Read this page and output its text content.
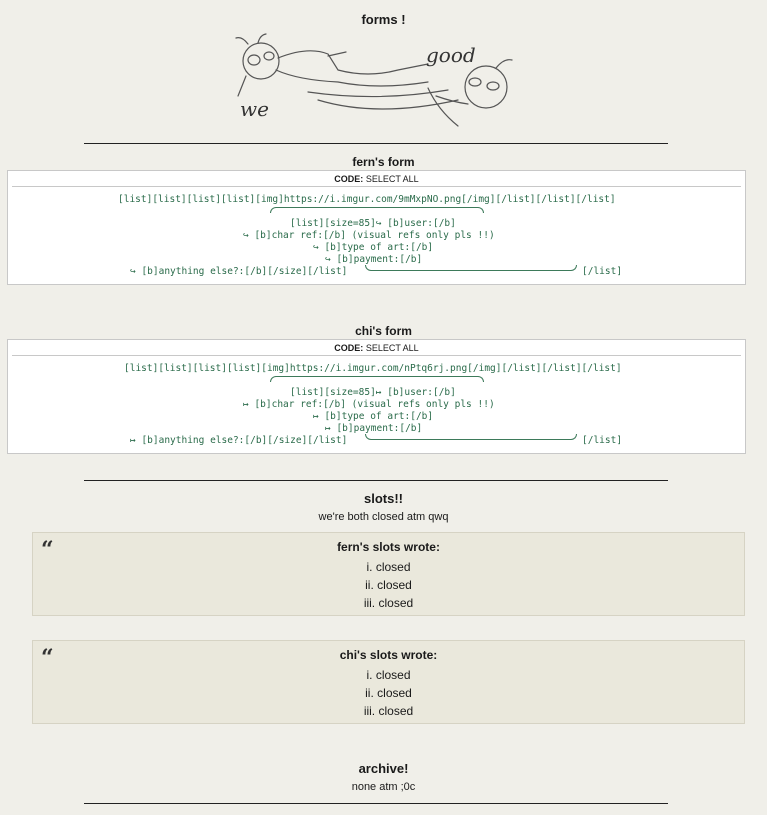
forms !
we
good
fern's form
CODE: SELECT ALL
[list][list][list][list][img]https://i.imgur.com/9mMxpNO.png[/img][/list][/list][/list]
[list][size=85]↪ [b]user:[/b]
↪ [b]char ref:[/b] (visual refs only pls !!)
↪ [b]type of art:[/b]
↪ [b]payment:[/b]
↪ [b]anything else?:[/b][/size][/list]	[/list]
chi's form
CODE: SELECT ALL
[list][list][list][list][img]https://i.imgur.com/nPtq6rj.png[/img][/list][/list][/list]
[list][size=85]↦ [b]user:[/b]
↦ [b]char ref:[/b] (visual refs only pls !!)
↦ [b]type of art:[/b]
↦ [b]payment:[/b]
↦ [b]anything else?:[/b][/size][/list]	[/list]
slots!!
we're both closed atm qwq
“	fern's slots wrote:
i. closed
ii. closed
iii. closed
“	chi's slots wrote:
i. closed
ii. closed
iii. closed
archive!
none atm ;0c
